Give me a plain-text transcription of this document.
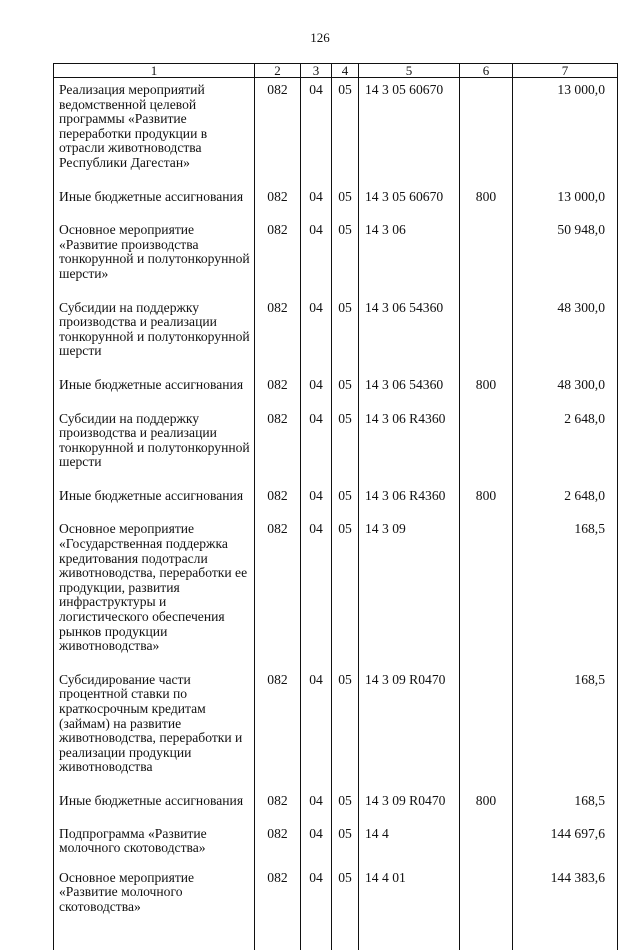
126
1	2	3	4	5	6	7
Реализация мероприятий ведомственной целевой программы «Развитие переработки продукции в отрасли животноводства Республики Дагестан»	082	04	05	14 3 05 60670		13 000,0
Иные бюджетные ассигнования	082	04	05	14 3 05 60670	800	13 000,0
Основное мероприятие «Развитие производства тонкорунной и полутонкорунной шерсти»	082	04	05	14 3 06		50 948,0
Субсидии на поддержку производства и реализации тонкорунной и полутонкорунной шерсти	082	04	05	14 3 06 54360		48 300,0
Иные бюджетные ассигнования	082	04	05	14 3 06 54360	800	48 300,0
Субсидии на поддержку производства и реализации тонкорунной и полутонкорунной шерсти	082	04	05	14 3 06 R4360		2 648,0
Иные бюджетные ассигнования	082	04	05	14 3 06 R4360	800	2 648,0
Основное мероприятие «Государственная поддержка кредитования подотрасли животноводства, переработки ее продукции, развития инфраструктуры и логистического обеспечения рынков продукции животноводства»	082	04	05	14 3 09		168,5
Субсидирование части процентной ставки по краткосрочным кредитам (займам) на развитие животноводства, переработки и реализации продукции животноводства	082	04	05	14 3 09 R0470		168,5
Иные бюджетные ассигнования	082	04	05	14 3 09 R0470	800	168,5
Подпрограмма «Развитие молочного скотоводства»	082	04	05	14 4		144 697,6
Основное мероприятие «Развитие молочного скотоводства»	082	04	05	14 4 01		144 383,6
